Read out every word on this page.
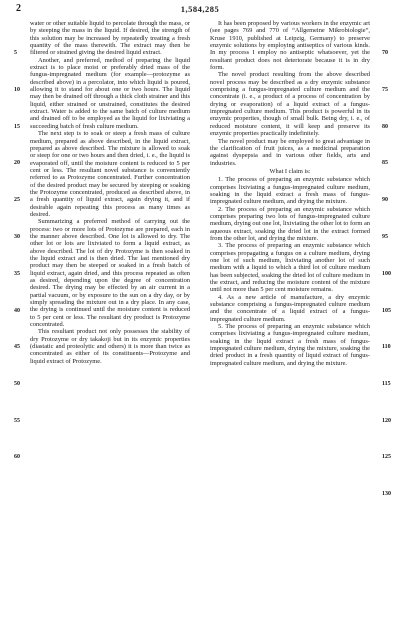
2	1,584,285

water or other suitable liquid to percolate through the mass, or by steeping the mass in the liquid. If desired, the strength of this solution may be increased by repeatedly treating a fresh quantity of the mass therewith. The extract may then be filtered or strained giving the desired liquid extract.

Another, and preferred, method of preparing the liquid extract is to place moist or preferably dried mass of the fungus-impregnated medium (for example—protozyme as described above) in a percolator, into which liquid is poured, allowing it to stand for about one or two hours. The liquid may then be drained off through a thick cloth strainer and this liquid, either strained or unstrained, constitutes the desired extract. Water is added to the same batch of culture medium and drained off to be employed as the liquid for lixiviating a succeeding batch of fresh culture medium.

The next step is to soak or steep a fresh mass of culture medium, prepared as above described, in the liquid extract, prepared as above described. The mixture is allowed to soak or steep for one or two hours and then dried, i. e., the liquid is evaporated off, until the moisture content is reduced to 5 per cent or less. The resultant novel substance is conveniently referred to as Protozyme concentrated. Further concentration of the desired product may be secured by steeping or soaking the Protozyme concentrated, produced as described above, in a fresh quantity of liquid extract, again drying it, and if desirable again repeating this process as many times as desired.

Summarizing a preferred method of carrying out the process: two or more lots of Protozyme are prepared, each in the manner above described. One lot is allowed to dry. The other lot or lots are lixiviated to form a liquid extract, as above described. The lot of dry Protozyme is then soaked in the liquid extract and is then dried. The last mentioned dry product may then be steeped or soaked in a fresh batch of liquid extract, again dried, and this process repeated as often as desired, depending upon the degree of concentration desired. The drying may be effected by an air current in a partial vacuum, or by exposure to the sun on a dry day, or by simply spreading the mixture out in a dry place. In any case, the drying is continued until the moisture content is reduced to 5 per cent or less. The resultant dry product is Protozyme concentrated.

This resultant product not only possesses the stability of dry Protozyme or dry takakoji but in its enzymic properties (diastatic and proteolytic and others) it is more than twice as concentrated as either of its constituents—Protozyme and liquid extract of Protozyme.

It has been proposed by various workers in the enzymic art (see pages 769 and 770 of “Allgemeine Mikrobiologie”, Kruse 1910, published at Leipzig, Germany) to preserve enzymic solutions by employing antiseptics of various kinds. In my process I employ no antiseptic whatsoever, yet the resultant product does not deteriorate because it is in dry form.

The novel product resulting from the above described novel process may be described as a dry enzymic substance comprising a fungus-impregnated culture medium and the concentrate (i. e., a product of a process of concentration by drying or evaporation) of a liquid extract of a fungus-impregnated culture medium. This product is powerful in its enzymic properties, though of small bulk. Being dry, i. e., of reduced moisture content, it will keep and preserve its enzymic properties practically indefinitely.

The novel product may be employed to great advantage in the clarification of fruit juices, as a medicinal preparation against dyspepsia and in various other fields, arts and industries.

What I claim is:

1. The process of preparing an enzymic substance which comprises lixiviating a fungus-impregnated culture medium, soaking in the liquid extract a fresh mass of fungus-impregnated culture medium, and drying the mixture.

2. The process of preparing an enzymic substance which comprises preparing two lots of fungus-impregnated culture medium, drying out one lot, lixiviating the other lot to form an aqueous extract, soaking the dried lot in the extract formed from the other lot, and drying the mixture.

3. The process of preparing an enzymic substance which comprises propagating a fungus on a culture medium, drying one lot of such medium, lixiviating another lot of such medium with a liquid to which a third lot of culture medium has been subjected, soaking the dried lot of culture medium in the extract, and reducing the moisture content of the mixture until not more than 5 per cent moisture remains.

4. As a new article of manufacture, a dry enzymic substance comprising a fungus-impregnated culture medium and the concentrate of a liquid extract of a fungus-impregnated culture medium.

5. The process of preparing an enzymic substance which comprises lixiviating a fungus-impregnated culture medium, soaking in the liquid extract a fresh mass of fungus-impregnated culture medium, drying the mixture, soaking the dried product in a fresh quantity of liquid extract of fungus-impregnated culture medium, and drying the mixture.

5
10
15
20
25
30
35
40
45
50
55
60
70
75
80
85
90
95
100
105
110
115
120
125
130
